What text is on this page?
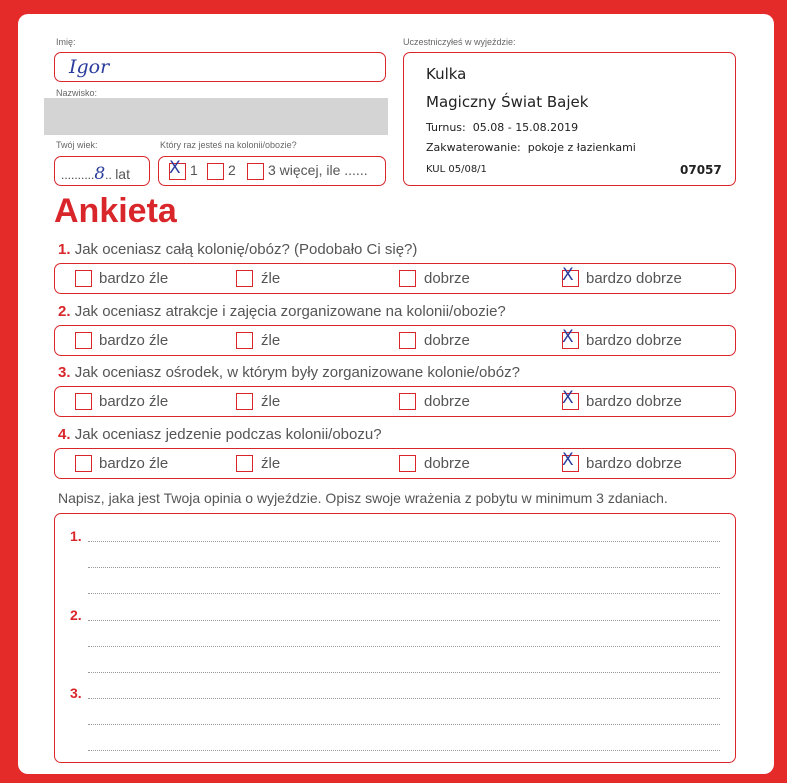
Imię:
Igor
Nazwisko:
Twój wiek:
..........8.. lat
Który raz jesteś na kolonii/obozie?
X 1 2 3 więcej, ile ......
Uczestniczyłeś w wyjeździe:
Kulka
Magiczny Świat Bajek
Turnus: 05.08 - 15.08.2019
Zakwaterowanie: pokoje z łazienkami
KUL 05/08/1	07057
Ankieta
1. Jak oceniasz całą kolonię/obóz? (Podobało Ci się?)
bardzo źle	źle	dobrze	X bardzo dobrze
2. Jak oceniasz atrakcje i zajęcia zorganizowane na kolonii/obozie?
bardzo źle	źle	dobrze	X bardzo dobrze
3. Jak oceniasz ośrodek, w którym były zorganizowane kolonie/obóz?
bardzo źle	źle	dobrze	X bardzo dobrze
4. Jak oceniasz jedzenie podczas kolonii/obozu?
bardzo źle	źle	dobrze	X bardzo dobrze
Napisz, jaka jest Twoja opinia o wyjeździe. Opisz swoje wrażenia z pobytu w minimum 3 zdaniach.
1.
2.
3.
